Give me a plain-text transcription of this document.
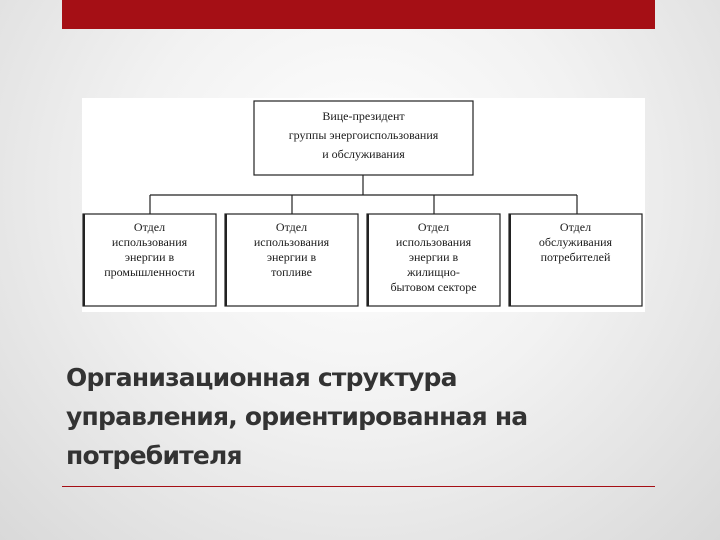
Вице-президент
группы энергоиспользования
и обслуживания
Отдел
использования
энергии в
промышленности
Отдел
использования
энергии в
топливе
Отдел
использования
энергии в
жилищно-
бытовом секторе
Отдел
обслуживания
потребителей
Организационная структура
управления, ориентированная на
потребителя
